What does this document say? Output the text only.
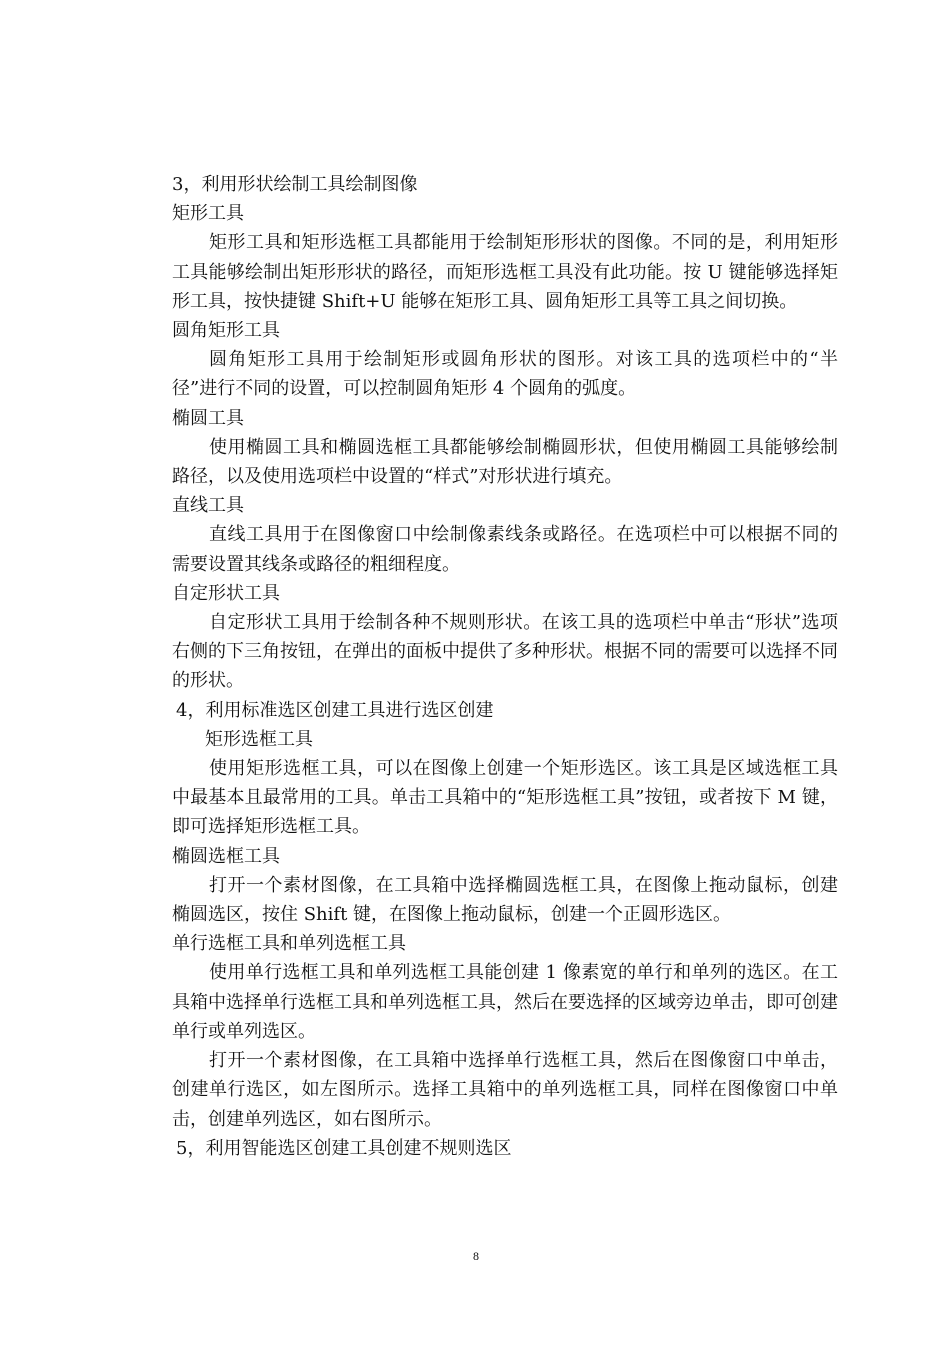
3，利用形状绘制工具绘制图像

矩形工具

矩形工具和矩形选框工具都能用于绘制矩形形状的图像。不同的是，利用矩形工具能够绘制出矩形形状的路径，而矩形选框工具没有此功能。按 U 键能够选择矩形工具，按快捷键 Shift+U 能够在矩形工具、圆角矩形工具等工具之间切换。

圆角矩形工具

圆角矩形工具用于绘制矩形或圆角形状的图形。对该工具的选项栏中的“半径”进行不同的设置，可以控制圆角矩形 4 个圆角的弧度。

椭圆工具

使用椭圆工具和椭圆选框工具都能够绘制椭圆形状，但使用椭圆工具能够绘制路径，以及使用选项栏中设置的“样式”对形状进行填充。

直线工具

直线工具用于在图像窗口中绘制像素线条或路径。在选项栏中可以根据不同的需要设置其线条或路径的粗细程度。

自定形状工具

自定形状工具用于绘制各种不规则形状。在该工具的选项栏中单击“形状”选项右侧的下三角按钮，在弹出的面板中提供了多种形状。根据不同的需要可以选择不同的形状。

4，利用标准选区创建工具进行选区创建

矩形选框工具

使用矩形选框工具，可以在图像上创建一个矩形选区。该工具是区域选框工具中最基本且最常用的工具。单击工具箱中的“矩形选框工具”按钮，或者按下 M 键，即可选择矩形选框工具。

椭圆选框工具

打开一个素材图像，在工具箱中选择椭圆选框工具，在图像上拖动鼠标，创建椭圆选区，按住 Shift 键，在图像上拖动鼠标，创建一个正圆形选区。

单行选框工具和单列选框工具

使用单行选框工具和单列选框工具能创建 1 像素宽的单行和单列的选区。在工具箱中选择单行选框工具和单列选框工具，然后在要选择的区域旁边单击，即可创建单行或单列选区。

打开一个素材图像，在工具箱中选择单行选框工具，然后在图像窗口中单击，创建单行选区，如左图所示。选择工具箱中的单列选框工具，同样在图像窗口中单击，创建单列选区，如右图所示。

5，利用智能选区创建工具创建不规则选区

8
